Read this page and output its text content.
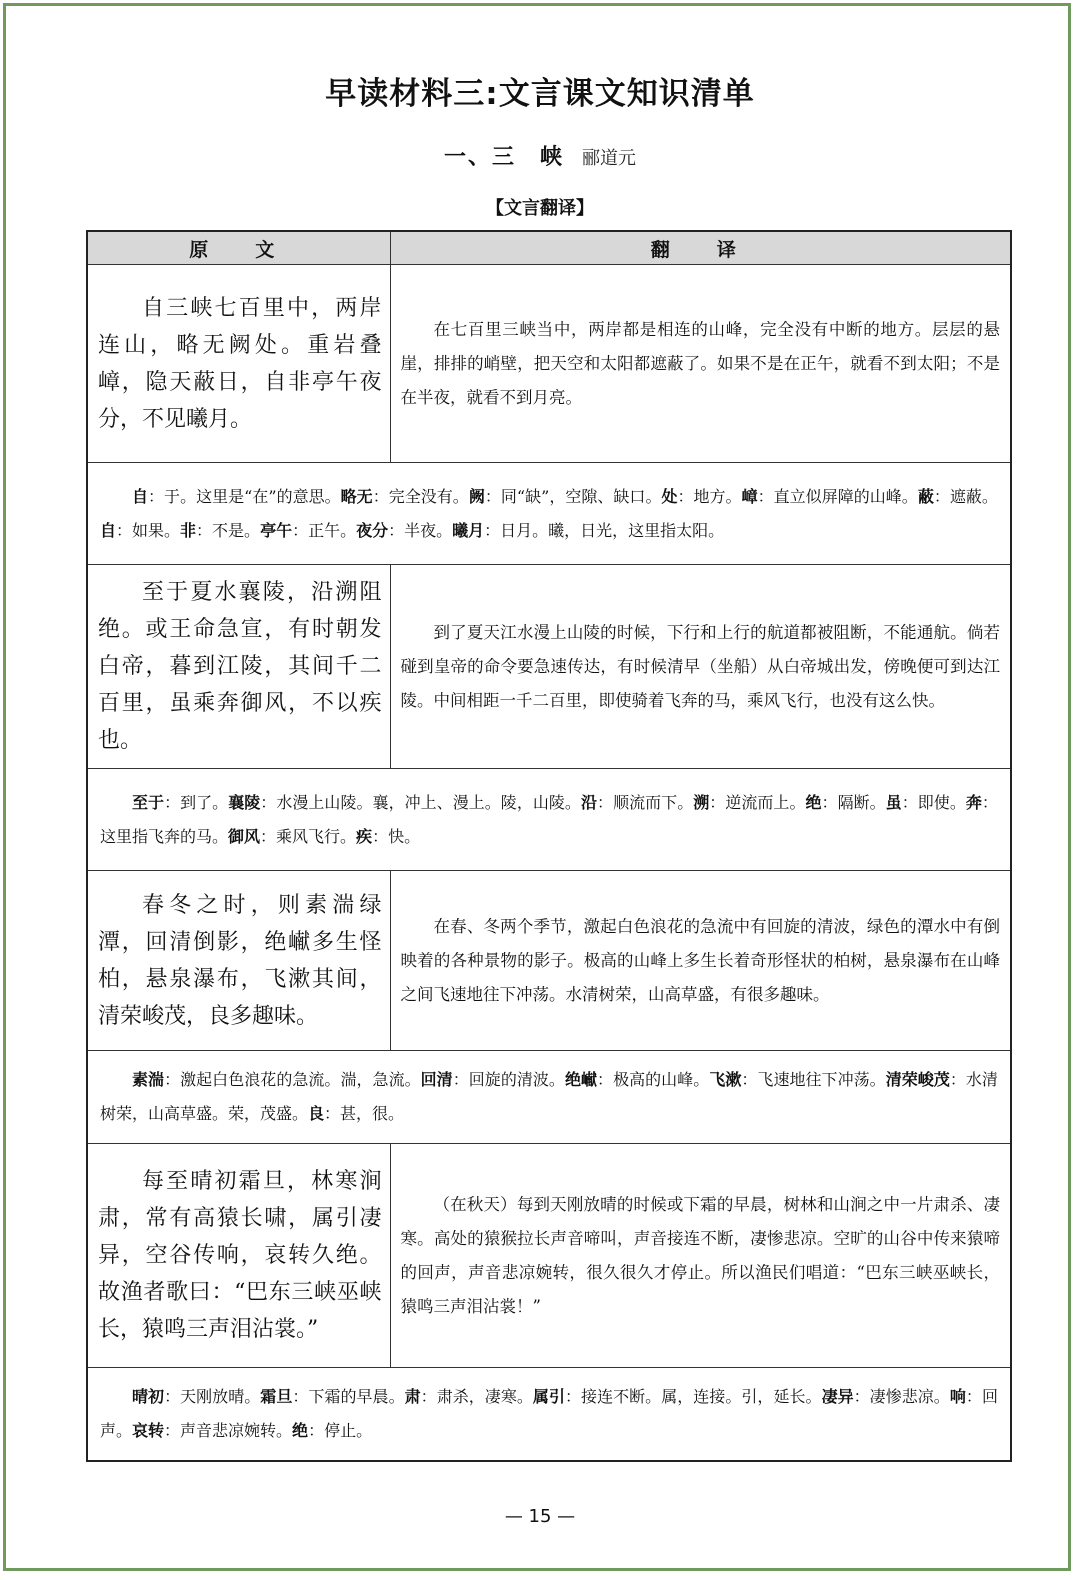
早读材料三:文言课文知识清单
一、三　峡 郦道元
【文言翻译】
原　文	翻　译
自三峡七百里中，两岸连山，略无阙处。重岩叠嶂，隐天蔽日，自非亭午夜分，不见曦月。	在七百里三峡当中，两岸都是相连的山峰，完全没有中断的地方。层层的悬崖，排排的峭壁，把天空和太阳都遮蔽了。如果不是在正午，就看不到太阳；不是在半夜，就看不到月亮。
自：于。这里是“在”的意思。略无：完全没有。阙：同“缺”，空隙、缺口。处：地方。嶂：直立似屏障的山峰。蔽：遮蔽。自：如果。非：不是。亭午：正午。夜分：半夜。曦月：日月。曦，日光，这里指太阳。	
至于夏水襄陵，沿溯阻绝。或王命急宣，有时朝发白帝，暮到江陵，其间千二百里，虽乘奔御风，不以疾也。	到了夏天江水漫上山陵的时候，下行和上行的航道都被阻断，不能通航。倘若碰到皇帝的命令要急速传达，有时候清早（坐船）从白帝城出发，傍晚便可到达江陵。中间相距一千二百里，即使骑着飞奔的马，乘风飞行，也没有这么快。
至于：到了。襄陵：水漫上山陵。襄，冲上、漫上。陵，山陵。沿：顺流而下。溯：逆流而上。绝：隔断。虽：即使。奔：这里指飞奔的马。御风：乘风飞行。疾：快。	
春冬之时，则素湍绿潭，回清倒影，绝𪩘多生怪柏，悬泉瀑布，飞漱其间，清荣峻茂，良多趣味。	在春、冬两个季节，激起白色浪花的急流中有回旋的清波，绿色的潭水中有倒映着的各种景物的影子。极高的山峰上多生长着奇形怪状的柏树，悬泉瀑布在山峰之间飞速地往下冲荡。水清树荣，山高草盛，有很多趣味。
素湍：激起白色浪花的急流。湍，急流。回清：回旋的清波。绝𪩘：极高的山峰。飞漱：飞速地往下冲荡。清荣峻茂：水清树荣，山高草盛。荣，茂盛。良：甚，很。	
每至晴初霜旦，林寒涧肃，常有高猿长啸，属引凄异，空谷传响，哀转久绝。故渔者歌曰：“巴东三峡巫峡长，猿鸣三声泪沾裳。”	（在秋天）每到天刚放晴的时候或下霜的早晨，树林和山涧之中一片肃杀、凄寒。高处的猿猴拉长声音啼叫，声音接连不断，凄惨悲凉。空旷的山谷中传来猿啼的回声，声音悲凉婉转，很久很久才停止。所以渔民们唱道：“巴东三峡巫峡长，猿鸣三声泪沾裳！”
晴初：天刚放晴。霜旦：下霜的早晨。肃：肃杀，凄寒。属引：接连不断。属，连接。引，延长。凄异：凄惨悲凉。响：回声。哀转：声音悲凉婉转。绝：停止。	
— 15 —
